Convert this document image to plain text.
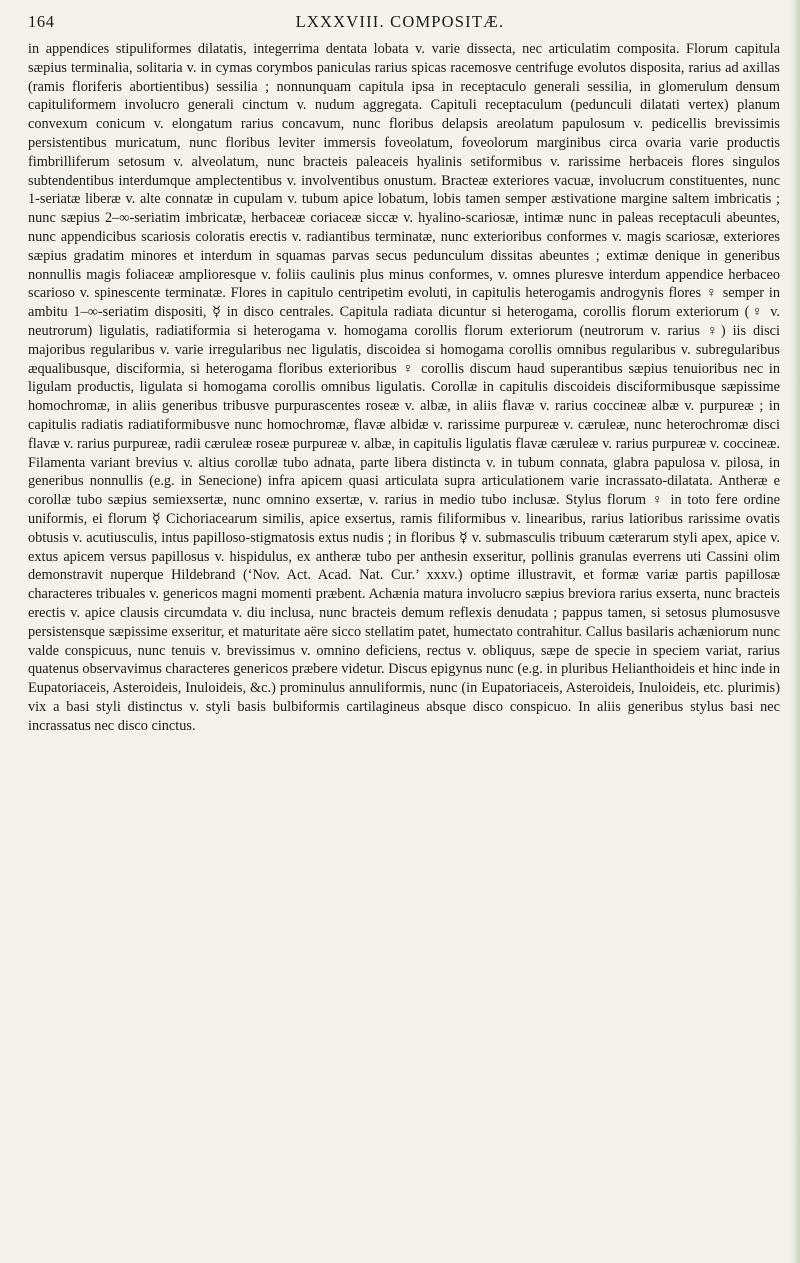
164	LXXXVIII. COMPOSITÆ.

in appendices stipuliformes dilatatis, integerrima dentata lobata v. varie dissecta, nec articulatim composita. Florum capitula sæpius terminalia, solitaria v. in cymas corymbos paniculas rarius spicas racemosve centrifuge evolutos disposita, rarius ad axillas (ramis floriferis abortientibus) sessilia ; nonnunquam capitula ipsa in receptaculo generali sessilia, in glomerulum densum capituliformem involucro generali cinctum v. nudum aggregata. Capituli receptaculum (pedunculi dilatati vertex) planum convexum conicum v. elongatum rarius concavum, nunc floribus delapsis areolatum papulosum v. pedicellis brevissimis persistentibus muricatum, nunc floribus leviter immersis foveolatum, foveolorum marginibus circa ovaria varie productis fimbrilliferum setosum v. alveolatum, nunc bracteis paleaceis hyalinis setiformibus v. rarissime herbaceis flores singulos subtendentibus interdumque amplectentibus v. involventibus onustum. Bracteæ exteriores vacuæ, involucrum constituentes, nunc 1-seriatæ liberæ v. alte connatæ in cupulam v. tubum apice lobatum, lobis tamen semper æstivatione margine saltem imbricatis ; nunc sæpius 2–∞-seriatim imbricatæ, herbaceæ coriaceæ siccæ v. hyalino-scariosæ, intimæ nunc in paleas receptaculi abeuntes, nunc appendicibus scariosis coloratis erectis v. radiantibus terminatæ, nunc exterioribus conformes v. magis scariosæ, exteriores sæpius gradatim minores et interdum in squamas parvas secus pedunculum dissitas abeuntes ; extimæ denique in generibus nonnullis magis foliaceæ amplioresque v. foliis caulinis plus minus conformes, v. omnes pluresve interdum appendice herbaceo scarioso v. spinescente terminatæ. Flores in capitulo centripetim evoluti, in capitulis heterogamis androgynis flores ♀ semper in ambitu 1–∞-seriatim dispositi, ☿ in disco centrales. Capitula radiata dicuntur si heterogama, corollis florum exteriorum (♀ v. neutrorum) ligulatis, radiatiformia si heterogama v. homogama corollis florum exteriorum (neutrorum v. rarius ♀) iis disci majoribus regularibus v. varie irregularibus nec ligulatis, discoidea si homogama corollis omnibus regularibus v. subregularibus æqualibusque, disciformia, si heterogama floribus exterioribus ♀ corollis discum haud superantibus sæpius tenuioribus nec in ligulam productis, ligulata si homogama corollis omnibus ligulatis. Corollæ in capitulis discoideis disciformibusque sæpissime homochromæ, in aliis generibus tribusve purpurascentes roseæ v. albæ, in aliis flavæ v. rarius coccineæ albæ v. purpureæ ; in capitulis radiatis radiatiformibusve nunc homochromæ, flavæ albidæ v. rarissime purpureæ v. cæruleæ, nunc heterochromæ disci flavæ v. rarius purpureæ, radii cæruleæ roseæ purpureæ v. albæ, in capitulis ligulatis flavæ cæruleæ v. rarius purpureæ v. coccineæ. Filamenta variant brevius v. altius corollæ tubo adnata, parte libera distincta v. in tubum connata, glabra papulosa v. pilosa, in generibus nonnullis (e.g. in Senecione) infra apicem quasi articulata supra articulationem varie incrassato-dilatata. Antheræ e corollæ tubo sæpius semiexsertæ, nunc omnino exsertæ, v. rarius in medio tubo inclusæ. Stylus florum ♀ in toto fere ordine uniformis, ei florum ☿ Cichoriacearum similis, apice exsertus, ramis filiformibus v. linearibus, rarius latioribus rarissime ovatis obtusis v. acutiusculis, intus papilloso-stigmatosis extus nudis ; in floribus ☿ v. submasculis tribuum cæterarum styli apex, apice v. extus apicem versus papillosus v. hispidulus, ex antheræ tubo per anthesin exseritur, pollinis granulas everrens uti Cassini olim demonstravit nuperque Hildebrand (‘Nov. Act. Acad. Nat. Cur.’ xxxv.) optime illustravit, et formæ variæ partis papillosæ characteres tribuales v. genericos magni momenti præbent. Achænia matura involucro sæpius breviora rarius exserta, nunc bracteis erectis v. apice clausis circumdata v. diu inclusa, nunc bracteis demum reflexis denudata ; pappus tamen, si setosus plumosusve persistensque sæpissime exseritur, et maturitate aëre sicco stellatim patet, humectato contrahitur. Callus basilaris achæniorum nunc valde conspicuus, nunc tenuis v. brevissimus v. omnino deficiens, rectus v. obliquus, sæpe de specie in speciem variat, rarius quatenus observavimus characteres genericos præbere videtur. Discus epigynus nunc (e.g. in pluribus Helianthoideis et hinc inde in Eupatoriaceis, Asteroideis, Inuloideis, &c.) prominulus annuliformis, nunc (in Eupatoriaceis, Asteroideis, Inuloideis, etc. plurimis) vix a basi styli distinctus v. styli basis bulbiformis cartilagineus absque disco conspicuo. In aliis generibus stylus basi nec incrassatus nec disco cinctus.
